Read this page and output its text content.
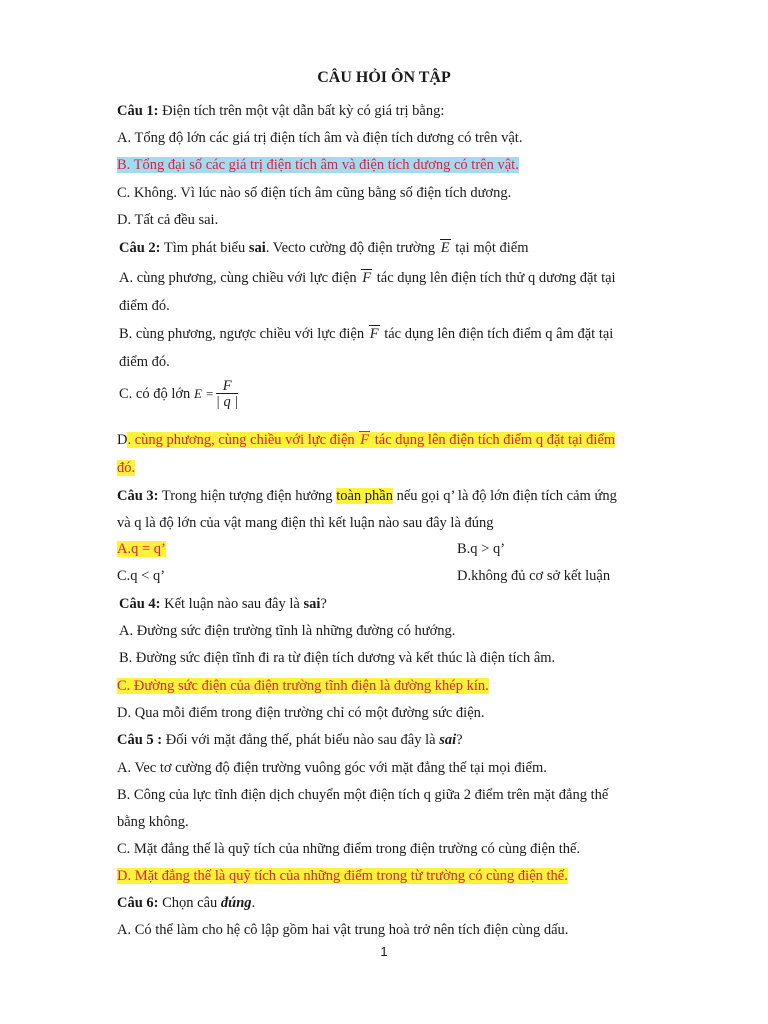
CÂU HỎI ÔN TẬP
Câu 1: Điện tích trên một vật dẫn bất kỳ có giá trị bằng:
A. Tổng độ lớn các giá trị điện tích âm và điện tích dương có trên vật.
B. Tổng đại số các giá trị điện tích âm và điện tích dương có trên vật.
C. Không. Vì lúc nào số điện tích âm cũng bằng số điện tích dương.
D. Tất cả đều sai.
Câu 2: Tìm phát biểu sai. Vecto cường độ điện trường E tại một điểm
A. cùng phương, cùng chiều với lực điện F tác dụng lên điện tích thử q dương đặt tại
điểm đó.
B. cùng phương, ngược chiều với lực điện F tác dụng lên điện tích điểm q âm đặt tại
điểm đó.
C. có độ lớn $E = \frac{F}{| q |}$
D. cùng phương, cùng chiều với lực điện F tác dụng lên điện tích điểm q đặt tại điểm
đó.
Câu 3: Trong hiện tượng điện hưởng toàn phần nếu gọi q’ là độ lớn điện tích cảm ứng
và q là độ lớn của vật mang điện thì kết luận nào sau đây là đúng
A.q = q’	B.q > q’
C.q < q’	D.không đủ cơ sở kết luận
Câu 4: Kết luận nào sau đây là sai?
A. Đường sức điện trường tĩnh là những đường có hướng.
B. Đường sức điện tĩnh đi ra từ điện tích dương và kết thúc là điện tích âm.
C. Đường sức điện của điện trường tĩnh điện là đường khép kín.
D. Qua mỗi điểm trong điện trường chỉ có một đường sức điện.
Câu 5 : Đối với mặt đẳng thế, phát biểu nào sau đây là sai?
A. Vec tơ cường độ điện trường vuông góc với mặt đẳng thế tại mọi điểm.
B. Công của lực tĩnh điện dịch chuyển một điện tích q giữa 2 điểm trên mặt đẳng thế
bằng không.
C. Mặt đẳng thế là quỹ tích của những điểm trong điện trường có cùng điện thế.
D. Mặt đẳng thế là quỹ tích của những điểm trong từ trường có cùng điện thế.
Câu 6: Chọn câu đúng.
A. Có thể làm cho hệ cô lập gồm hai vật trung hoà trở nên tích điện cùng dấu.
1
